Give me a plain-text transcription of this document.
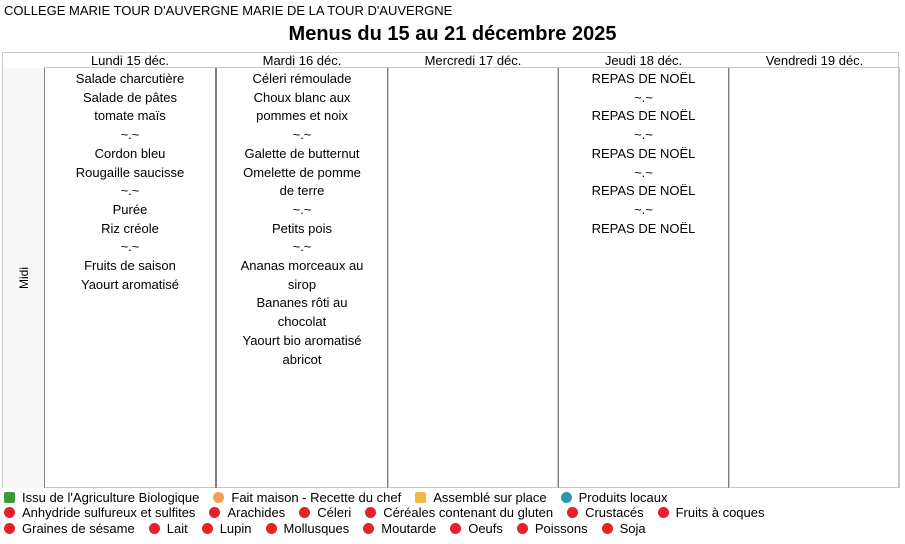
COLLEGE MARIE TOUR D'AUVERGNE MARIE DE LA TOUR D'AUVERGNE
Menus du 15 au 21 décembre 2025
Midi
Lundi 15 déc.
Salade charcutière
Salade de pâtes
tomate maïs
~.~
Cordon bleu
Rougaille saucisse
~.~
Purée
Riz créole
~.~
Fruits de saison
Yaourt aromatisé
Mardi 16 déc.
Céleri rémoulade
Choux blanc aux
pommes et noix
~.~
Galette de butternut
Omelette de pomme
de terre
~.~
Petits pois
~.~
Ananas morceaux au
sirop
Bananes rôti au
chocolat
Yaourt bio aromatisé
abricot
Mercredi 17 déc.	Jeudi 18 déc.
REPAS DE NOËL
~.~
REPAS DE NOËL
~.~
REPAS DE NOËL
~.~
REPAS DE NOËL
~.~
REPAS DE NOËL
Vendredi 19 déc.
Issu de l'Agriculture Biologique Fait maison - Recette du chef Assemblé sur place Produits locaux
Anhydride sulfureux et sulfites Arachides Céleri Céréales contenant du gluten Crustacés Fruits à coques
Graines de sésame Lait Lupin Mollusques Moutarde Oeufs Poissons Soja
